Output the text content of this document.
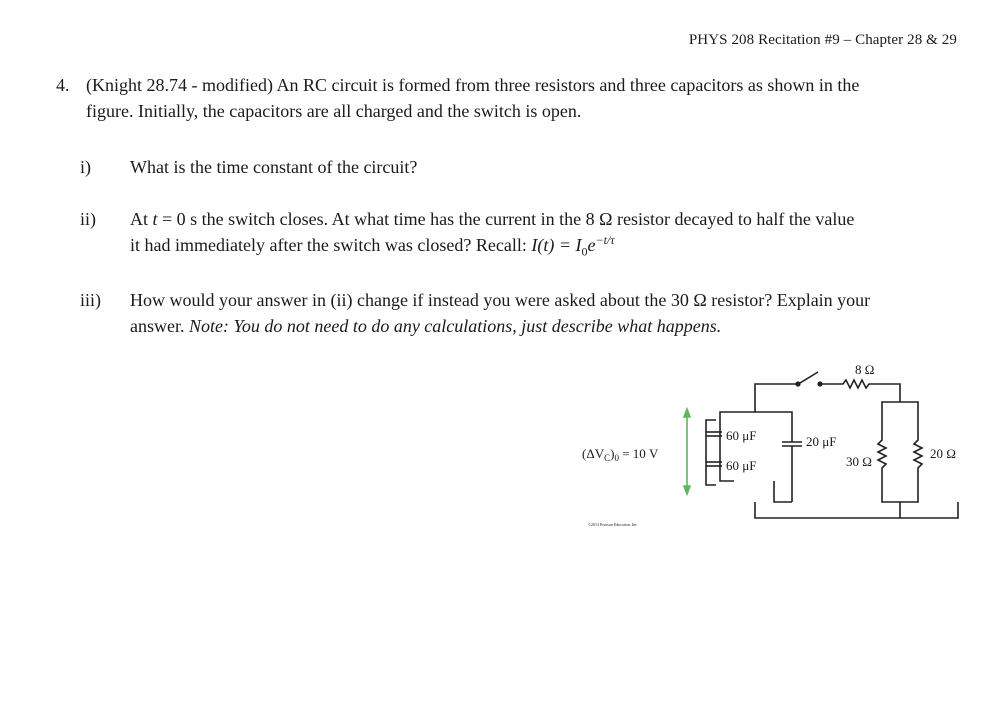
PHYS 208 Recitation #9 – Chapter 28 & 29
4. (Knight 28.74 - modified) An RC circuit is formed from three resistors and three capacitors as shown in the
figure. Initially, the capacitors are all charged and the switch is open.
i)	What is the time constant of the circuit?
ii)	At t = 0 s the switch closes. At what time has the current in the 8 Ω resistor decayed to half the value
it had immediately after the switch was closed? Recall: $I(t) = I_0e^{-t/\tau}$
iii)	How would your answer in (ii) change if instead you were asked about the 30 Ω resistor? Explain your
answer. Note: You do not need to do any calculations, just describe what happens.
8 Ω
60 μF
60 μF
20 μF
30 Ω
20 Ω
$(\Delta V_C)_0 = 10$ V
©2013 Pearson Education, Inc.
